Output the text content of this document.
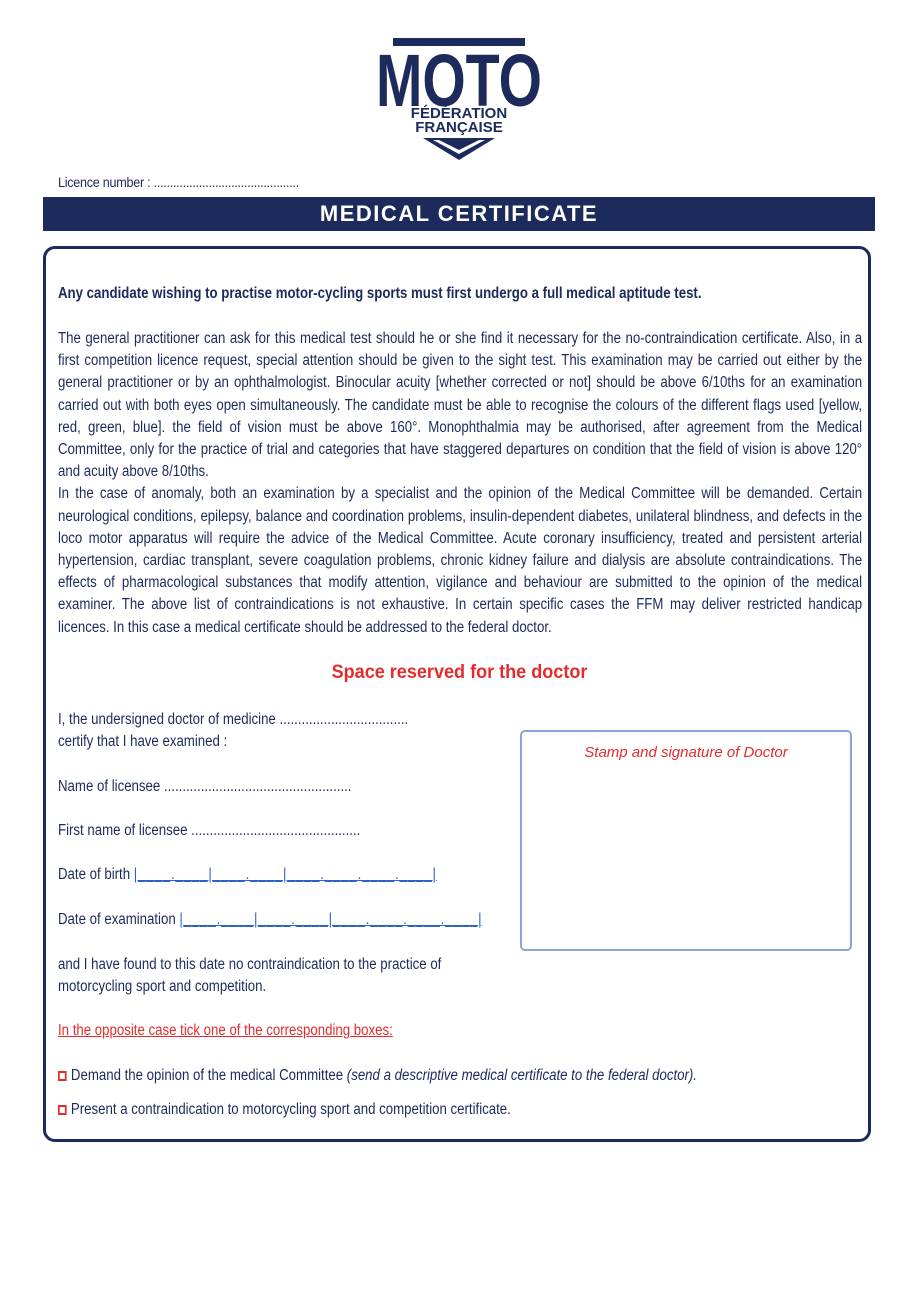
MOTO
FÉDÉRATION
FRANÇAISE
Licence number : .............................................
MEDICAL CERTIFICATE
Any candidate wishing to practise motor-cycling sports must first undergo a full medical aptitude test.

The general practitioner can ask for this medical test should he or she find it necessary for the no-contraindication certificate. Also, in a first competition licence request, special attention should be given to the sight test. This examination may be carried out either by the general practitioner or by an ophthalmologist. Binocular acuity [whether corrected or not] should be above 6/10ths for an examination carried out with both eyes open simultaneously. The candidate must be able to recognise the colours of the different flags used [yellow, red, green, blue]. the field of vision must be above 160°. Monophthalmia may be authorised, after agreement from the Medical Committee, only for the practice of trial and categories that have staggered departures on condition that the field of vision is above 120° and acuity above 8/10ths.

In the case of anomaly, both an examination by a specialist and the opinion of the Medical Committee will be demanded. Certain neurological conditions, epilepsy, balance and coordination problems, insulin-dependent diabetes, unilateral blindness, and defects in the loco motor apparatus will require the advice of the Medical Committee. Acute coronary insufficiency, treated and persistent arterial hypertension, cardiac transplant, severe coagulation problems, chronic kidney failure and dialysis are absolute contraindications. The effects of pharmacological substances that modify attention, vigilance and behaviour are submitted to the opinion of the medical examiner. The above list of contraindications is not exhaustive. In certain specific cases the FFM may deliver restricted handicap licences. In this case a medical certificate should be addressed to the federal doctor.

Space reserved for the doctor
I, the undersigned doctor of medicine ...................................
certify that I have examined :
Name of licensee ...................................................
First name of licensee ..............................................
Date of birth |____.____|____.____|____.____.____.____|
Date of examination |____.____|____.____|____.____.____.____|
Stamp and signature of Doctor
and I have found to this date no contraindication to the practice of motorcycling sport and competition.
In the opposite case tick one of the corresponding boxes:
Demand the opinion of the medical Committee (send a descriptive medical certificate to the federal doctor).
Present a contraindication to motorcycling sport and competition certificate.
